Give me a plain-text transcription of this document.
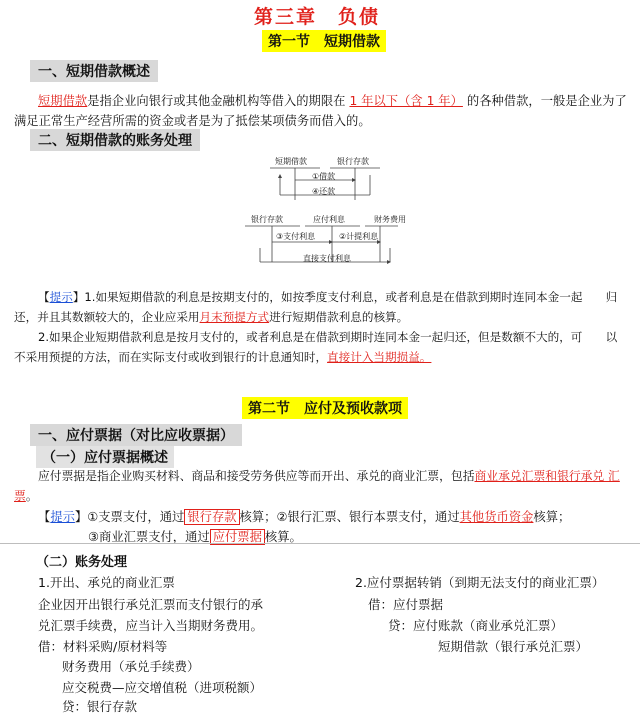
第三章　负债
第一节　短期借款
一、短期借款概述
短期借款是指企业向银行或其他金融机构等借入的期限在 1 年以下（含 1 年） 的各种借款，一般是企业为了
满足正常生产经营所需的资金或者是为了抵偿某项债务而借入的。
二、短期借款的账务处理
短期借款	银行存款
①借款
④还款
银行存款	应付利息	财务费用
③支付利息	②计提利息
直接支付利息
【提示】1.如果短期借款的利息是按期支付的，如按季度支付利息，或者利息是在借款到期时连同本金一起　　归
还，并且其数额较大的，企业应采用月末预提方式进行短期借款利息的核算。
2.如果企业短期借款利息是按月支付的，或者利息是在借款到期时连同本金一起归还，但是数额不大的，可　　以
不采用预提的方法，而在实际支付或收到银行的计息通知时，直接计入当期损益。
第二节　应付及预收款项
一、应付票据（对比应收票据）
（一）应付票据概述
应付票据是指企业购买材料、商品和接受劳务供应等而开出、承兑的商业汇票，包括商业承兑汇票和银行承兑 汇
票。
【提示】①支票支付，通过 银行存款 核算；②银行汇票、银行本票支付，通过其他货币资金核算；
③商业汇票支付，通过 应付票据 核算。
（二）账务处理
1.开出、承兑的商业汇票
企业因开出银行承兑汇票而支付银行的承
兑汇票手续费，应当计入当期财务费用。
借：材料采购/原材料等
财务费用（承兑手续费）
应交税费—应交增值税（进项税额）
贷：银行存款
2.应付票据转销（到期无法支付的商业汇票）
借：应付票据
贷：应付账款（商业承兑汇票）
短期借款（银行承兑汇票）
